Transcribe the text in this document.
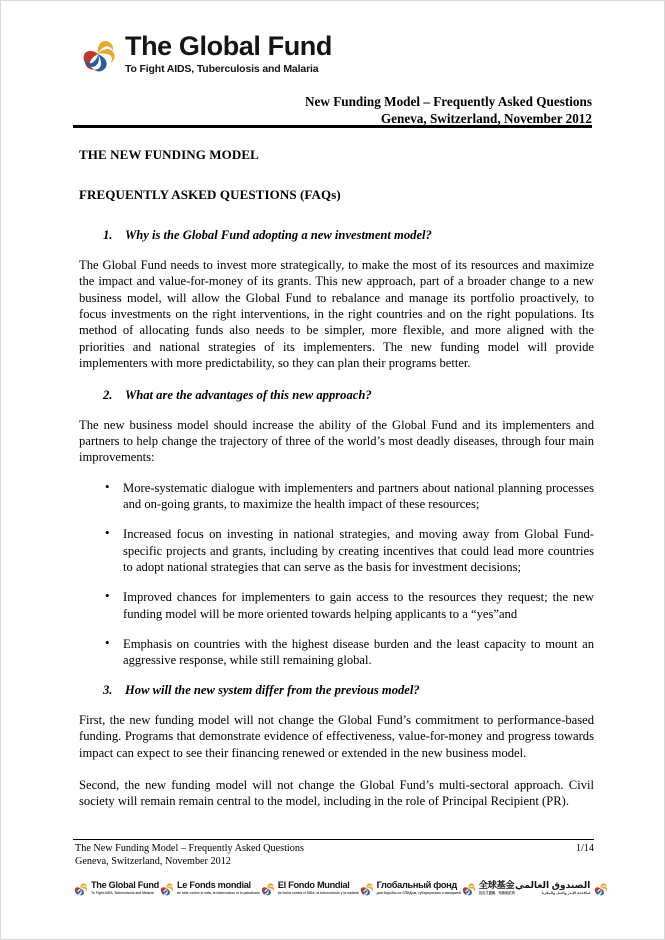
The Global Fund
To Fight AIDS, Tuberculosis and Malaria
New Funding Model – Frequently Asked Questions
Geneva, Switzerland, November 2012
THE NEW FUNDING MODEL
FREQUENTLY ASKED QUESTIONS (FAQs)
1. Why is the Global Fund adopting a new investment model?

The Global Fund needs to invest more strategically, to make the most of its resources and maximize the impact and value-for-money of its grants. This new approach, part of a broader change to a new business model, will allow the Global Fund to rebalance and manage its portfolio proactively, to focus investments on the right interventions, in the right countries and on the right populations. Its method of allocating funds also needs to be simpler, more flexible, and more aligned with the priorities and national strategies of its implementers. The new funding model will provide implementers with more predictability, so they can plan their programs better.

2. What are the advantages of this new approach?

The new business model should increase the ability of the Global Fund and its implementers and partners to help change the trajectory of three of the world’s most deadly diseases, through four main improvements:

• More-systematic dialogue with implementers and partners about national planning processes and on-going grants, to maximize the health impact of these resources;
• Increased focus on investing in national strategies, and moving away from Global Fund-specific projects and grants, including by creating incentives that could lead more countries to adopt national strategies that can serve as the basis for investment decisions;
• Improved chances for implementers to gain access to the resources they request; the new funding model will be more oriented towards helping applicants to a “yes”and
• Emphasis on countries with the highest disease burden and the least capacity to mount an aggressive response, while still remaining global.
3. How will the new system differ from the previous model?

First, the new funding model will not change the Global Fund’s commitment to performance-based funding. Programs that demonstrate evidence of effectiveness, value-for-money and progress towards impact can expect to see their financing renewed or extended in the new business model.

Second, the new funding model will not change the Global Fund’s multi-sectoral approach. Civil society will remain remain central to the model, including in the role of Principal Recipient (PR).

The New Funding Model – Frequently Asked Questions
Geneva, Switzerland, November 2012
1/14
The Global Fund
To Fight AIDS, Tuberculosis and Malaria
Le Fonds mondial
de lutte contre le sida, la tuberculose et le paludisme
El Fondo Mundial
de lucha contra el SIDA, la tuberculosis y la malaria
Глобальный фонд
для борьбы со СПИДом, туберкулезом и малярией
全球基金
抗击艾滋病、结核和疟疾
الصندوق العالمي
لمكافحة الإيدز والسل والملاريا
